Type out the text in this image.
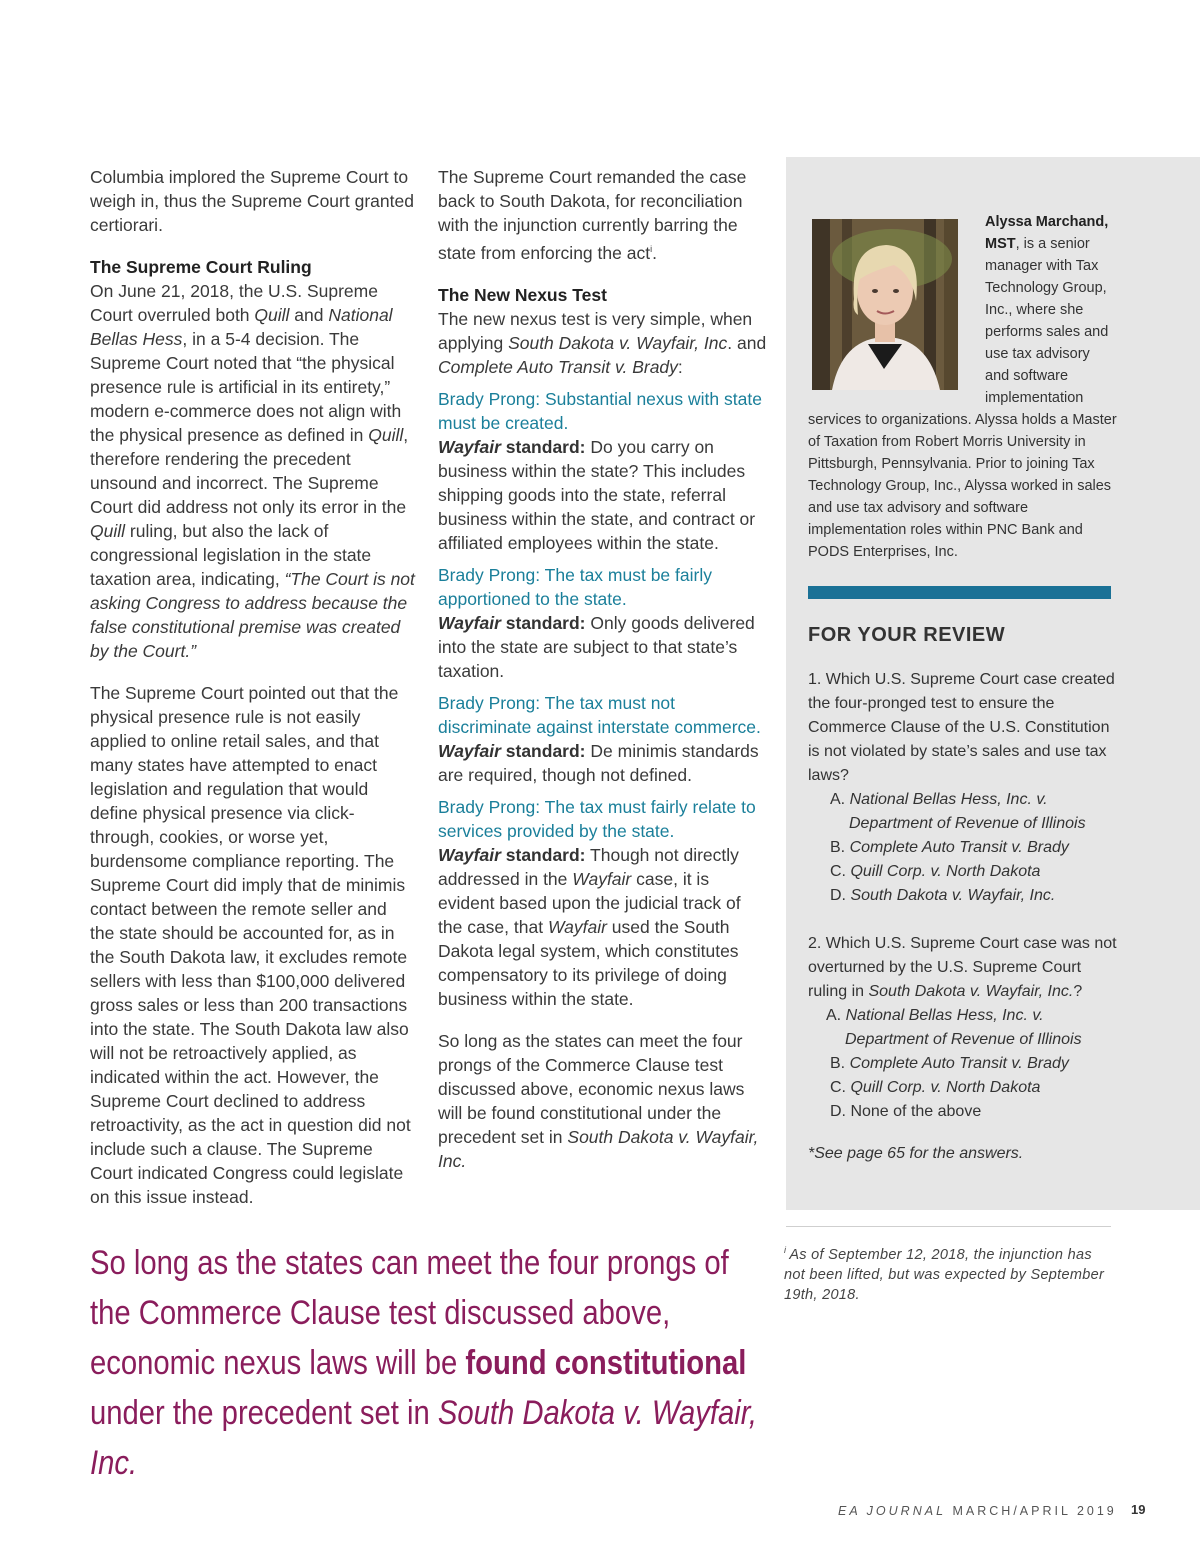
Columbia implored the Supreme Court to weigh in, thus the Supreme Court granted certiorari.

The Supreme Court Ruling

On June 21, 2018, the U.S. Supreme Court overruled both Quill and National Bellas Hess, in a 5-4 decision. The Supreme Court noted that “the physical presence rule is artificial in its entirety,” modern e-commerce does not align with the physical presence as defined in Quill, therefore rendering the precedent unsound and incorrect. The Supreme Court did address not only its error in the Quill ruling, but also the lack of congressional legislation in the state taxation area, indicating, “The Court is not asking Congress to address because the false constitutional premise was created by the Court.”

The Supreme Court pointed out that the physical presence rule is not easily applied to online retail sales, and that many states have attempted to enact legislation and regulation that would define physical presence via click-through, cookies, or worse yet, burdensome compliance reporting. The Supreme Court did imply that de minimis contact between the remote seller and the state should be accounted for, as in the South Dakota law, it excludes remote sellers with less than $100,000 delivered gross sales or less than 200 transactions into the state. The South Dakota law also will not be retroactively applied, as indicated within the act. However, the Supreme Court declined to address retroactivity, as the act in question did not include such a clause. The Supreme Court indicated Congress could legislate on this issue instead.

The Supreme Court remanded the case back to South Dakota, for reconciliation with the injunction currently barring the state from enforcing the act$^i$.

The New Nexus Test

The new nexus test is very simple, when applying South Dakota v. Wayfair, Inc. and Complete Auto Transit v. Brady:

Brady Prong: Substantial nexus with state must be created.

Wayfair standard: Do you carry on business within the state? This includes shipping goods into the state, referral business within the state, and contract or affiliated employees within the state.

Brady Prong: The tax must be fairly apportioned to the state.

Wayfair standard: Only goods delivered into the state are subject to that state’s taxation.

Brady Prong: The tax must not discriminate against interstate commerce.

Wayfair standard: De minimis standards are required, though not defined.

Brady Prong: The tax must fairly relate to services provided by the state.

Wayfair standard: Though not directly addressed in the Wayfair case, it is evident based upon the judicial track of the case, that Wayfair used the South Dakota legal system, which constitutes compensatory to its privilege of doing business within the state.

So long as the states can meet the four prongs of the Commerce Clause test discussed above, economic nexus laws will be found constitutional under the precedent set in South Dakota v. Wayfair, Inc.

Alyssa Marchand, MST, is a senior manager with Tax Technology Group, Inc., where she performs sales and use tax advisory and software implementation
services to organizations. Alyssa holds a Master of Taxation from Robert Morris University in Pittsburgh, Pennsylvania. Prior to joining Tax Technology Group, Inc., Alyssa worked in sales and use tax advisory and software implementation roles within PNC Bank and PODS Enterprises, Inc.
FOR YOUR REVIEW

1. Which U.S. Supreme Court case created the four-pronged test to ensure the Commerce Clause of the U.S. Constitution is not violated by state’s sales and use tax laws?

A. National Bellas Hess, Inc. v.

Department of Revenue of Illinois

B. Complete Auto Transit v. Brady

C. Quill Corp. v. North Dakota

D. South Dakota v. Wayfair, Inc.

2. Which U.S. Supreme Court case was not overturned by the U.S. Supreme Court ruling in South Dakota v. Wayfair, Inc.?

A. National Bellas Hess, Inc. v.

Department of Revenue of Illinois

B. Complete Auto Transit v. Brady

C. Quill Corp. v. North Dakota

D. None of the above

*See page 65 for the answers.

$^i$ As of September 12, 2018, the injunction has not been lifted, but was expected by September 19th, 2018.
So long as the states can meet the four prongs of the Commerce Clause test discussed above, economic nexus laws will be found constitutional under the precedent set in South Dakota v. Wayfair, Inc.
EA JOURNAL MARCH/APRIL 2019 19
